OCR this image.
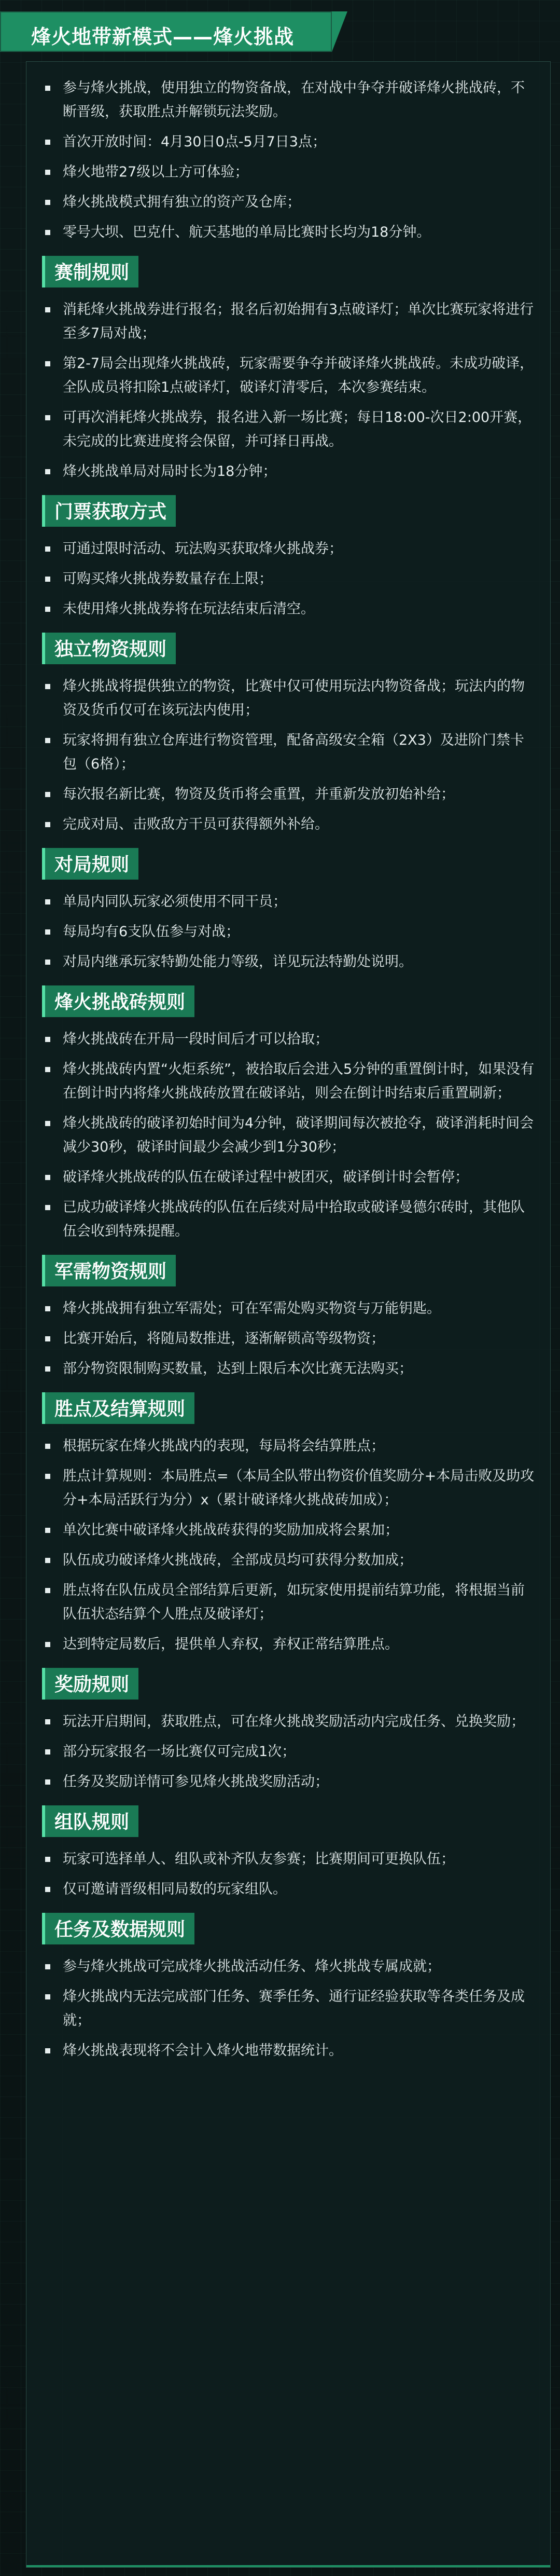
烽火地带新模式——烽火挑战
参与烽火挑战，使用独立的物资备战，在对战中争夺并破译烽火挑战砖，不断晋级，获取胜点并解锁玩法奖励。
首次开放时间：4月30日0点-5月7日3点；
烽火地带27级以上方可体验；
烽火挑战模式拥有独立的资产及仓库；
零号大坝、巴克什、航天基地的单局比赛时长均为18分钟。
赛制规则
消耗烽火挑战券进行报名；报名后初始拥有3点破译灯；单次比赛玩家将进行至多7局对战；
第2-7局会出现烽火挑战砖，玩家需要争夺并破译烽火挑战砖。未成功破译，全队成员将扣除1点破译灯，破译灯清零后，本次参赛结束。
可再次消耗烽火挑战券，报名进入新一场比赛；每日18:00-次日2:00开赛，未完成的比赛进度将会保留，并可择日再战。
烽火挑战单局对局时长为18分钟；
门票获取方式
可通过限时活动、玩法购买获取烽火挑战券；
可购买烽火挑战券数量存在上限；
未使用烽火挑战券将在玩法结束后清空。
独立物资规则
烽火挑战将提供独立的物资，比赛中仅可使用玩法内物资备战；玩法内的物资及货币仅可在该玩法内使用；
玩家将拥有独立仓库进行物资管理，配备高级安全箱（2X3）及进阶门禁卡包（6格）；
每次报名新比赛，物资及货币将会重置，并重新发放初始补给；
完成对局、击败敌方干员可获得额外补给。
对局规则
单局内同队玩家必须使用不同干员；
每局均有6支队伍参与对战；
对局内继承玩家特勤处能力等级，详见玩法特勤处说明。
烽火挑战砖规则
烽火挑战砖在开局一段时间后才可以拾取；
烽火挑战砖内置“火炬系统”，被拾取后会进入5分钟的重置倒计时，如果没有在倒计时内将烽火挑战砖放置在破译站，则会在倒计时结束后重置刷新；
烽火挑战砖的破译初始时间为4分钟，破译期间每次被抢夺，破译消耗时间会减少30秒，破译时间最少会减少到1分30秒；
破译烽火挑战砖的队伍在破译过程中被团灭，破译倒计时会暂停；
已成功破译烽火挑战砖的队伍在后续对局中拾取或破译曼德尔砖时，其他队伍会收到特殊提醒。
军需物资规则
烽火挑战拥有独立军需处；可在军需处购买物资与万能钥匙。
比赛开始后，将随局数推进，逐渐解锁高等级物资；
部分物资限制购买数量，达到上限后本次比赛无法购买；
胜点及结算规则
根据玩家在烽火挑战内的表现，每局将会结算胜点；
胜点计算规则：本局胜点=（本局全队带出物资价值奖励分+本局击败及助攻分+本局活跃行为分）x（累计破译烽火挑战砖加成）；
单次比赛中破译烽火挑战砖获得的奖励加成将会累加；
队伍成功破译烽火挑战砖，全部成员均可获得分数加成；
胜点将在队伍成员全部结算后更新，如玩家使用提前结算功能，将根据当前队伍状态结算个人胜点及破译灯；
达到特定局数后，提供单人弃权，弃权正常结算胜点。
奖励规则
玩法开启期间，获取胜点，可在烽火挑战奖励活动内完成任务、兑换奖励；
部分玩家报名一场比赛仅可完成1次；
任务及奖励详情可参见烽火挑战奖励活动；
组队规则
玩家可选择单人、组队或补齐队友参赛；比赛期间可更换队伍；
仅可邀请晋级相同局数的玩家组队。
任务及数据规则
参与烽火挑战可完成烽火挑战活动任务、烽火挑战专属成就；
烽火挑战内无法完成部门任务、赛季任务、通行证经验获取等各类任务及成就；
烽火挑战表现将不会计入烽火地带数据统计。
